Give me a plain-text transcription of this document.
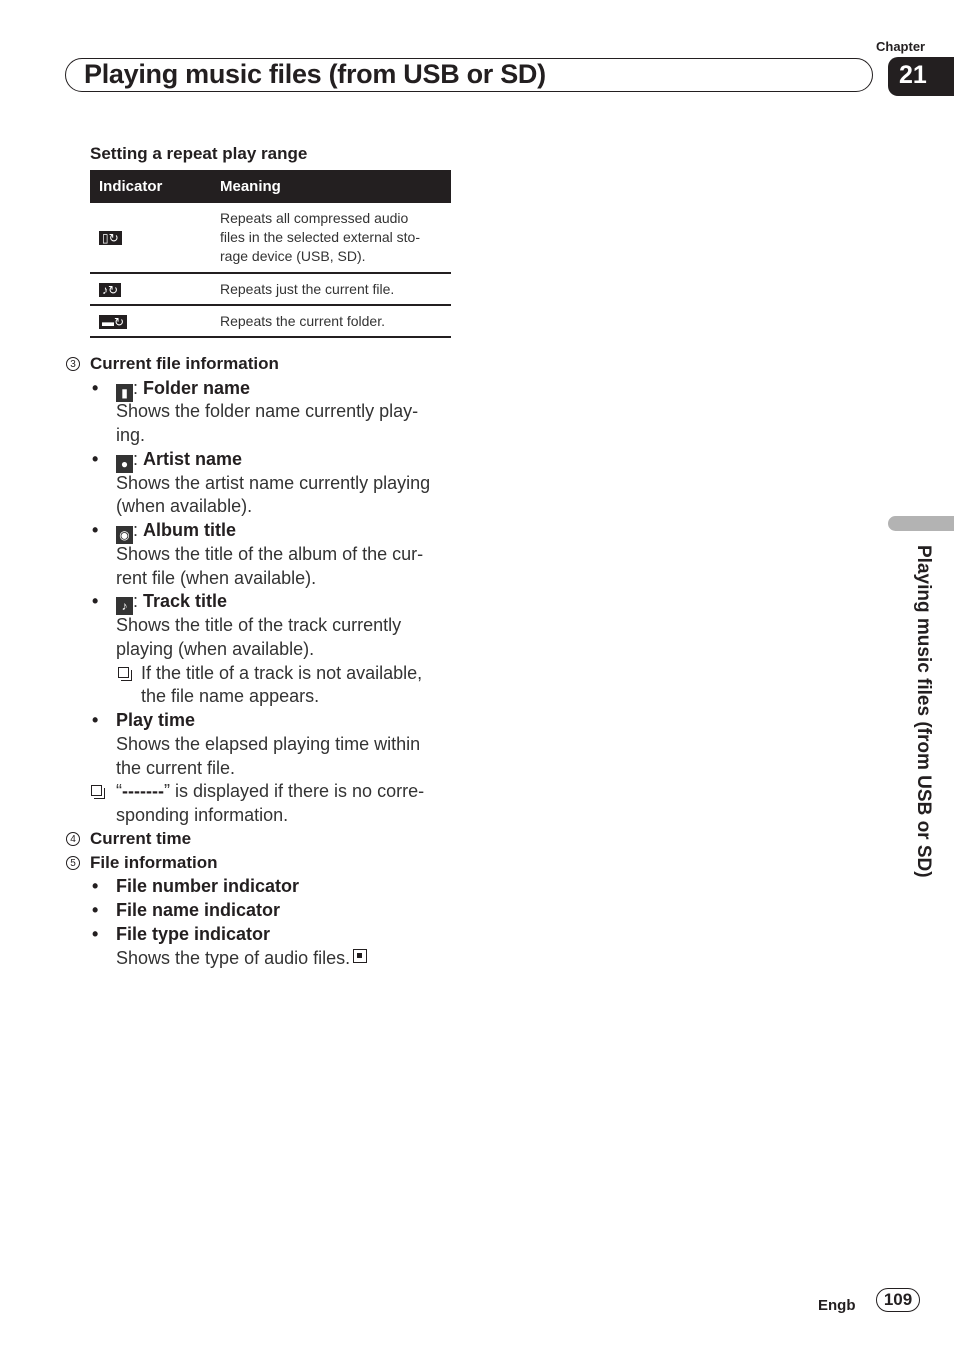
Chapter
Playing music files (from USB or SD)	21
Playing music files (from USB or SD)
Setting a repeat play range
Indicator	Meaning
▯↻	Repeats all compressed audio
files in the selected external sto-
rage device (USB, SD).
♪↻	Repeats just the current file.
▬↻	Repeats the current folder.
3 Current file information
•	▮ : Folder name
Shows the folder name currently play-
ing.
•	● : Artist name
Shows the artist name currently playing
(when available).
• ◉ : Album title
Shows the title of the album of the cur-
rent file (when available).
•	♪ : Track title
Shows the title of the track currently
playing (when available).
If the title of a track is not available,
the file name appears.
• Play time
Shows the elapsed playing time within
the current file.
“-------” is displayed if there is no corre-
sponding information.
4 Current time
5 File information
• File number indicator
• File name indicator
• File type indicator
Shows the type of audio files.
Engb	109
